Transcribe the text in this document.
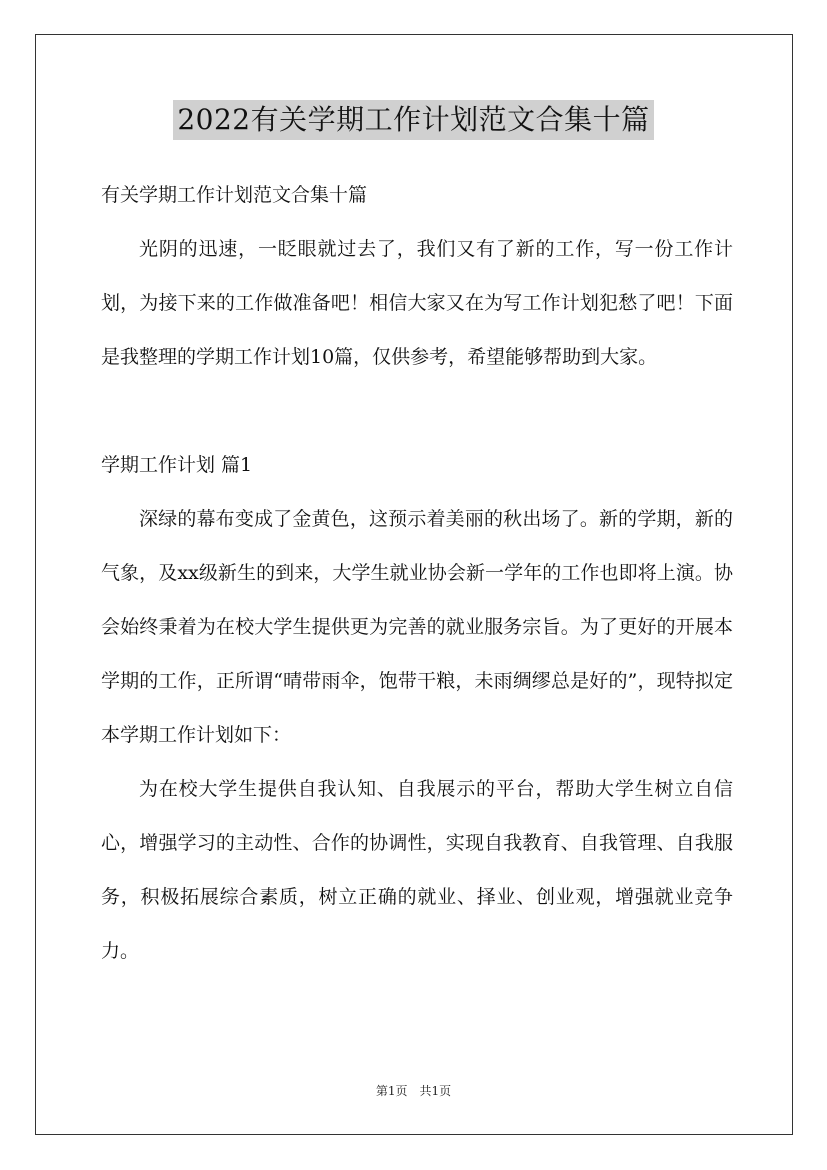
2022有关学期工作计划范文合集十篇

有关学期工作计划范文合集十篇

光阴的迅速，一眨眼就过去了，我们又有了新的工作，写一份工作计划，为接下来的工作做准备吧！相信大家又在为写工作计划犯愁了吧！下面是我整理的学期工作计划10篇，仅供参考，希望能够帮助到大家。

学期工作计划 篇1

深绿的幕布变成了金黄色，这预示着美丽的秋出场了。新的学期，新的气象，及xx级新生的到来，大学生就业协会新一学年的工作也即将上演。协会始终秉着为在校大学生提供更为完善的就业服务宗旨。为了更好的开展本学期的工作，正所谓“晴带雨伞，饱带干粮，未雨绸缪总是好的”，现特拟定本学期工作计划如下：

为在校大学生提供自我认知、自我展示的平台，帮助大学生树立自信心，增强学习的主动性、合作的协调性，实现自我教育、自我管理、自我服务，积极拓展综合素质，树立正确的就业、择业、创业观，增强就业竞争力。

第1页　共1页
